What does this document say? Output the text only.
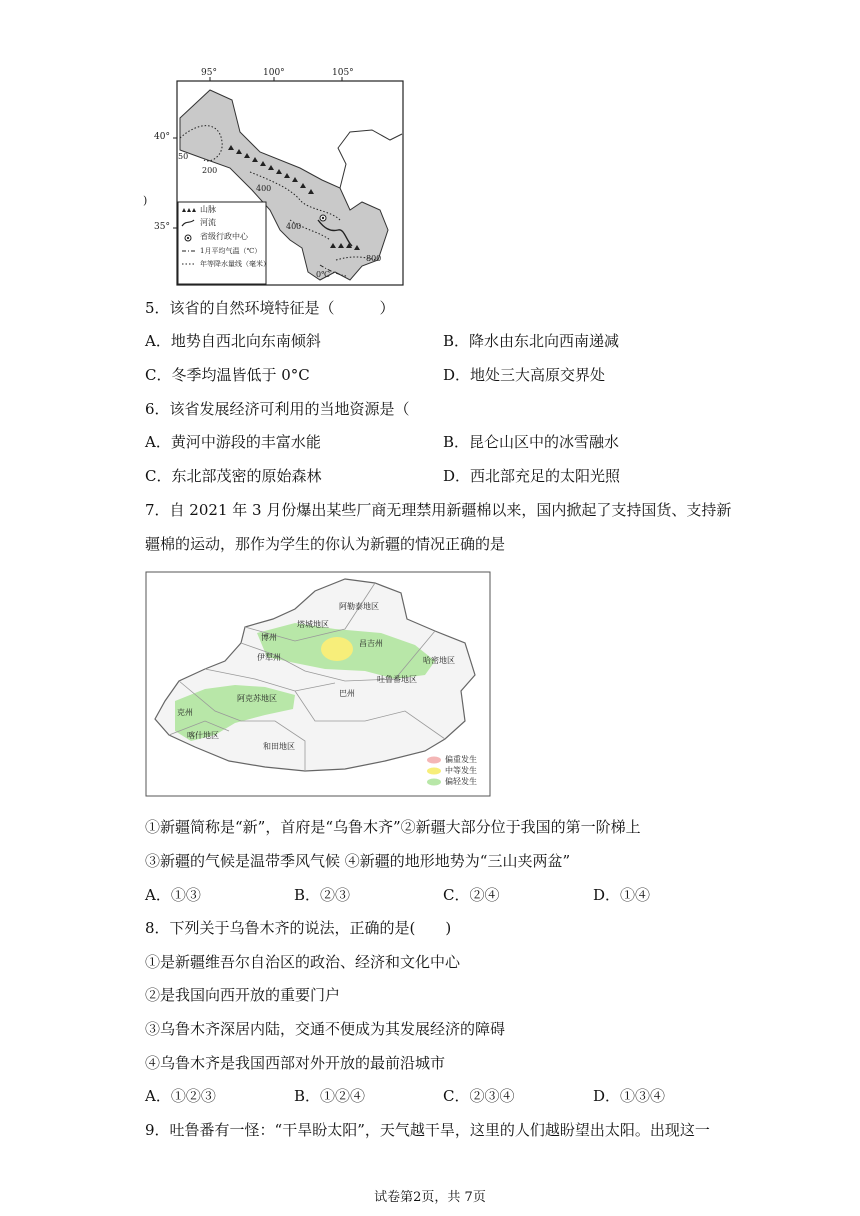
95°	100°	105°
40°
35°
)
50
200
400
400
800
0℃
山脉
河流
省级行政中心
1月平均气温（℃）
年等降水量线（毫米）
5．该省的自然环境特征是（　　　）
A．地势自西北向东南倾斜	B．降水由东北向西南递减
C．冬季均温皆低于 0°C	D．地处三大高原交界处
6．该省发展经济可利用的当地资源是（
A．黄河中游段的丰富水能	B．昆仑山区中的冰雪融水
C．东北部茂密的原始森林	D．西北部充足的太阳光照
7．自 2021 年 3 月份爆出某些厂商无理禁用新疆棉以来，国内掀起了支持国货、支持新
疆棉的运动，那作为学生的你认为新疆的情况正确的是
阿勒泰地区
塔城地区
博州
伊犁州
昌吉州
哈密地区
吐鲁番地区
巴州
阿克苏地区
克州
喀什地区
和田地区
偏重发生
中等发生
偏轻发生
①新疆简称是“新”，首府是“乌鲁木齐”②新疆大部分位于我国的第一阶梯上
③新疆的气候是温带季风气候 ④新疆的地形地势为“三山夹两盆”
A．①③	B．②③	C．②④	D．①④
8．下列关于乌鲁木齐的说法，正确的是(　　)
①是新疆维吾尔自治区的政治、经济和文化中心
②是我国向西开放的重要门户
③乌鲁木齐深居内陆，交通不便成为其发展经济的障碍
④乌鲁木齐是我国西部对外开放的最前沿城市
A．①②③	B．①②④	C．②③④	D．①③④
9．吐鲁番有一怪：“干旱盼太阳”，天气越干旱，这里的人们越盼望出太阳。出现这一
试卷第2页，共 7页
